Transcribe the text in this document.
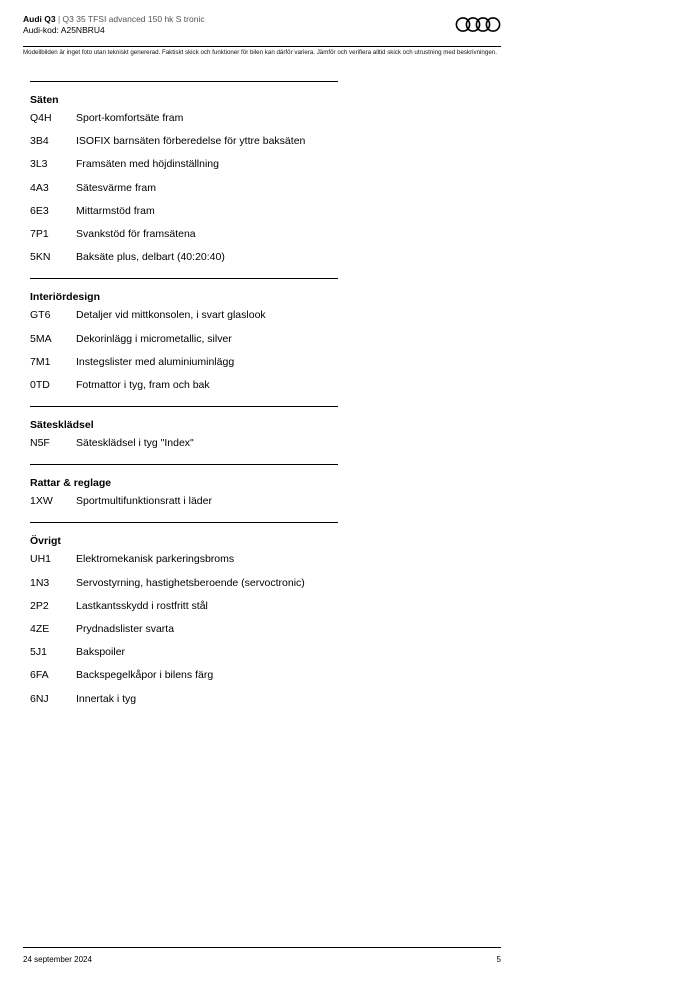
Audi Q3 | Q3 35 TFSI advanced 150 hk S tronic
Audi-kod: A25NBRU4
Modellbilden är inget foto utan tekniskt genererad. Faktiskt skick och funktioner för bilen kan därför variera. Jämför och verifiera alltid skick och utrustning med beskrivningen.
Säten
Q4H	Sport-komfortsäte fram
3B4	ISOFIX barnsäten förberedelse för yttre baksäten
3L3	Framsäten med höjdinställning
4A3	Sätesvärme fram
6E3	Mittarmstöd fram
7P1	Svankstöd för framsätena
5KN	Baksäte plus, delbart (40:20:40)
Interiördesign
GT6	Detaljer vid mittkonsolen, i svart glaslook
5MA	Dekorinlägg i micrometallic, silver
7M1	Instegslister med aluminiuminlägg
0TD	Fotmattor i tyg, fram och bak
Sätesklädsel
N5F	Sätesklädsel i tyg "Index"
Rattar & reglage
1XW	Sportmultifunktionsratt i läder
Övrigt
UH1	Elektromekanisk parkeringsbroms
1N3	Servostyrning, hastighetsberoende (servoctronic)
2P2	Lastkantsskydd i rostfritt stål
4ZE	Prydnadslister svarta
5J1	Bakspoiler
6FA	Backspegelkåpor i bilens färg
6NJ	Innertak i tyg
24 september 2024	5
